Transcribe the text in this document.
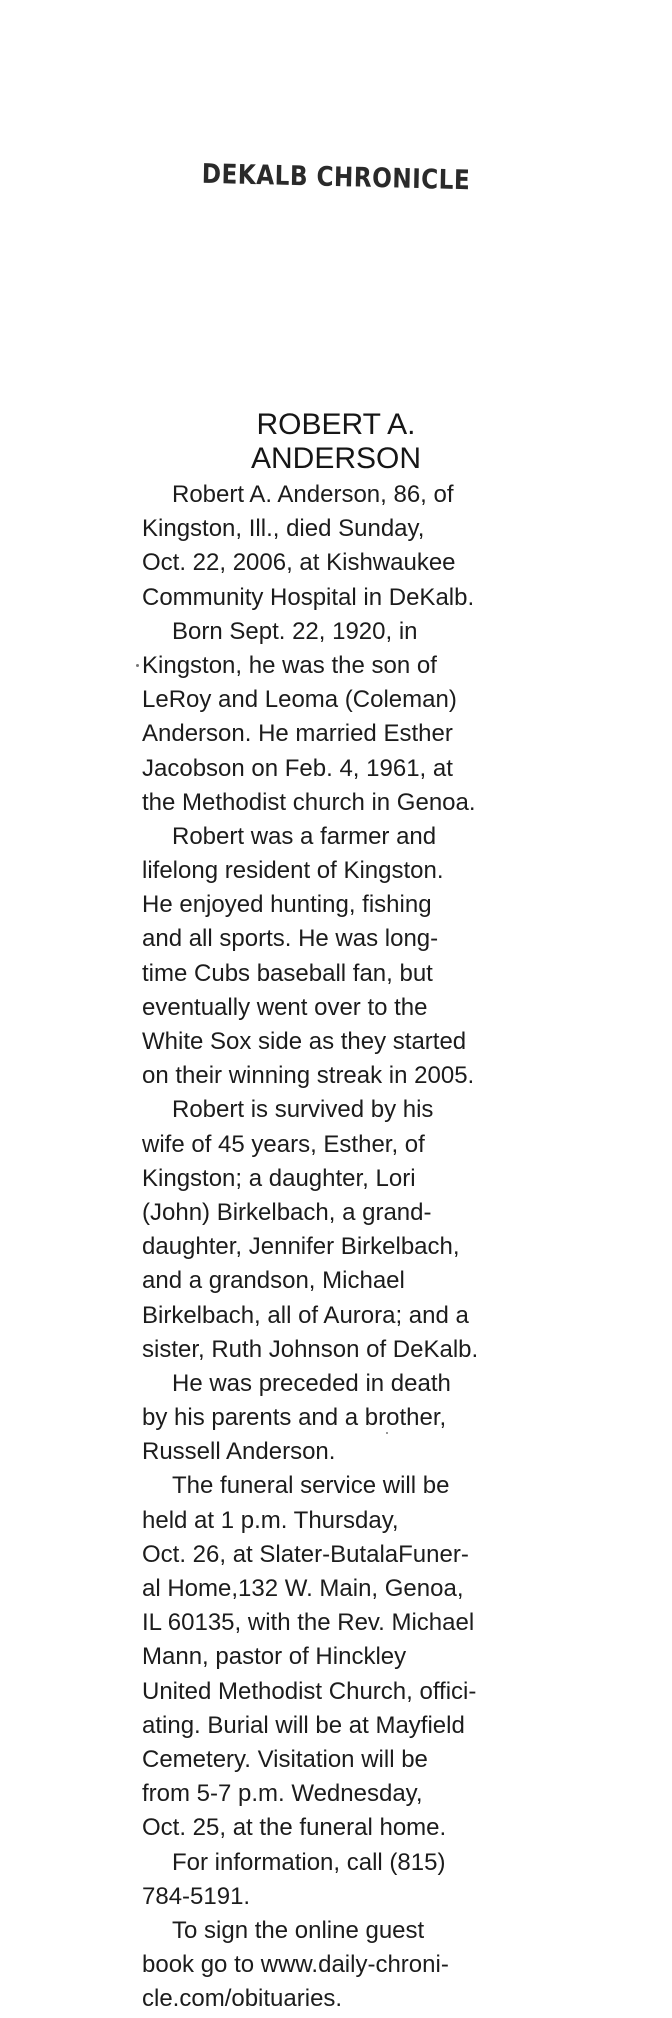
DEKALB CHRONICLE
ROBERT A.
ANDERSON
Robert A. Anderson, 86, of
Kingston, Ill., died Sunday,
Oct. 22, 2006, at Kishwaukee
Community Hospital in DeKalb.
Born Sept. 22, 1920, in
Kingston, he was the son of
LeRoy and Leoma (Coleman)
Anderson. He married Esther
Jacobson on Feb. 4, 1961, at
the Methodist church in Genoa.
Robert was a farmer and
lifelong resident of Kingston.
He enjoyed hunting, fishing
and all sports. He was long-
time Cubs baseball fan, but
eventually went over to the
White Sox side as they started
on their winning streak in 2005.
Robert is survived by his
wife of 45 years, Esther, of
Kingston; a daughter, Lori
(John) Birkelbach, a grand-
daughter, Jennifer Birkelbach,
and a grandson, Michael
Birkelbach, all of Aurora; and a
sister, Ruth Johnson of DeKalb.
He was preceded in death
by his parents and a brother,
Russell Anderson.
The funeral service will be
held at 1 p.m. Thursday,
Oct. 26, at Slater-ButalaFuner-
al Home,132 W. Main, Genoa,
IL 60135, with the Rev. Michael
Mann, pastor of Hinckley
United Methodist Church, offici-
ating. Burial will be at Mayfield
Cemetery. Visitation will be
from 5-7 p.m. Wednesday,
Oct. 25, at the funeral home.
For information, call (815)
784-5191.
To sign the online guest
book go to www.daily-chroni-
cle.com/obituaries.
